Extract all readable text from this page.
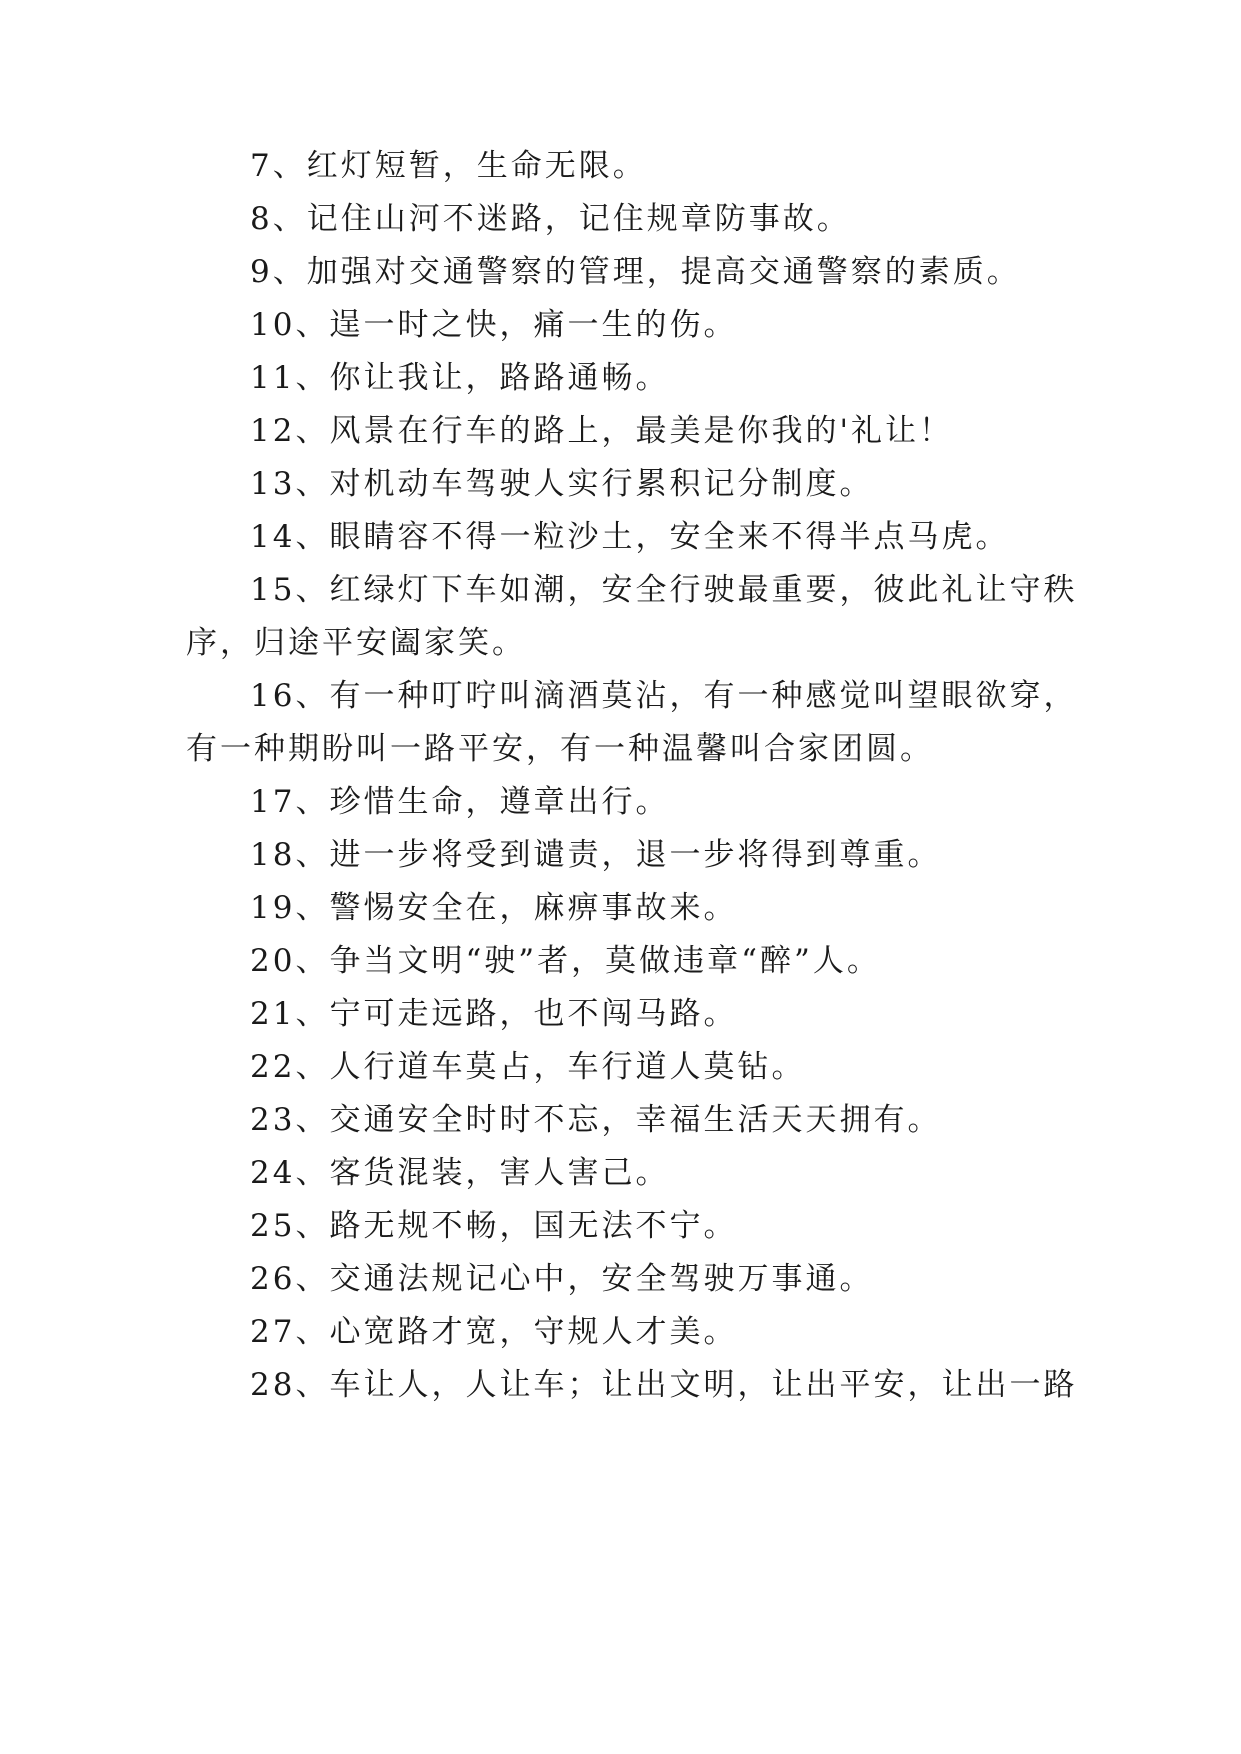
7、红灯短暂，生命无限。
8、记住山河不迷路，记住规章防事故。
9、加强对交通警察的管理，提高交通警察的素质。
10、逞一时之快，痛一生的伤。
11、你让我让，路路通畅。
12、风景在行车的路上，最美是你我的'礼让！
13、对机动车驾驶人实行累积记分制度。
14、眼睛容不得一粒沙土，安全来不得半点马虎。
15、红绿灯下车如潮，安全行驶最重要，彼此礼让守秩
序，归途平安阖家笑。
16、有一种叮咛叫滴酒莫沾，有一种感觉叫望眼欲穿，
有一种期盼叫一路平安，有一种温馨叫合家团圆。
17、珍惜生命，遵章出行。
18、进一步将受到谴责，退一步将得到尊重。
19、警惕安全在，麻痹事故来。
20、争当文明“驶”者，莫做违章“醉”人。
21、宁可走远路，也不闯马路。
22、人行道车莫占，车行道人莫钻。
23、交通安全时时不忘，幸福生活天天拥有。
24、客货混装，害人害己。
25、路无规不畅，国无法不宁。
26、交通法规记心中，安全驾驶万事通。
27、心宽路才宽，守规人才美。
28、车让人，人让车；让出文明，让出平安，让出一路
